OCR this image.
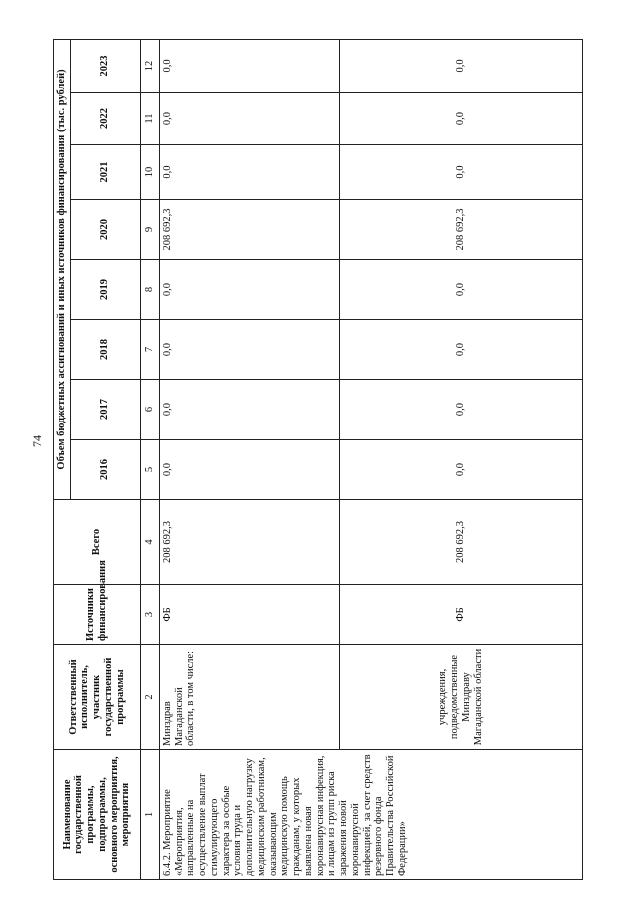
74
Наименование государственной программы, подпрограммы, основного мероприятия, мероприятия	Ответственный исполнитель, участник государственной программы	Источники финансирования	Всего	Объем бюджетных ассигнований и иных источников финансирования (тыс. рублей)							
				2016	2017	2018	2019	2020	2021	2022	2023
1	2	3	4	5	6	7	8	9	10	11	12
6.4.2. Мероприятие «Мероприятия, направленные на осуществление выплат стимулирующего характера за особые условия труда и дополнительную нагрузку медицинским работникам, оказывающим медицинскую помощь гражданам, у которых выявлена новая коронавирусная инфекция, и лицам из групп риска заражения новой коронавирусной инфекцией, за счет средств резервного фонда Правительства Российской Федерации»	Минздрав Магаданской области, в том числе:	ФБ	208 692,3	0,0	0,0	0,0	0,0	208 692,3	0,0	0,0	0,0
	учреждения, подведомственные Минздраву Магаданской области	ФБ	208 692,3	0,0	0,0	0,0	0,0	208 692,3	0,0	0,0	0,0
